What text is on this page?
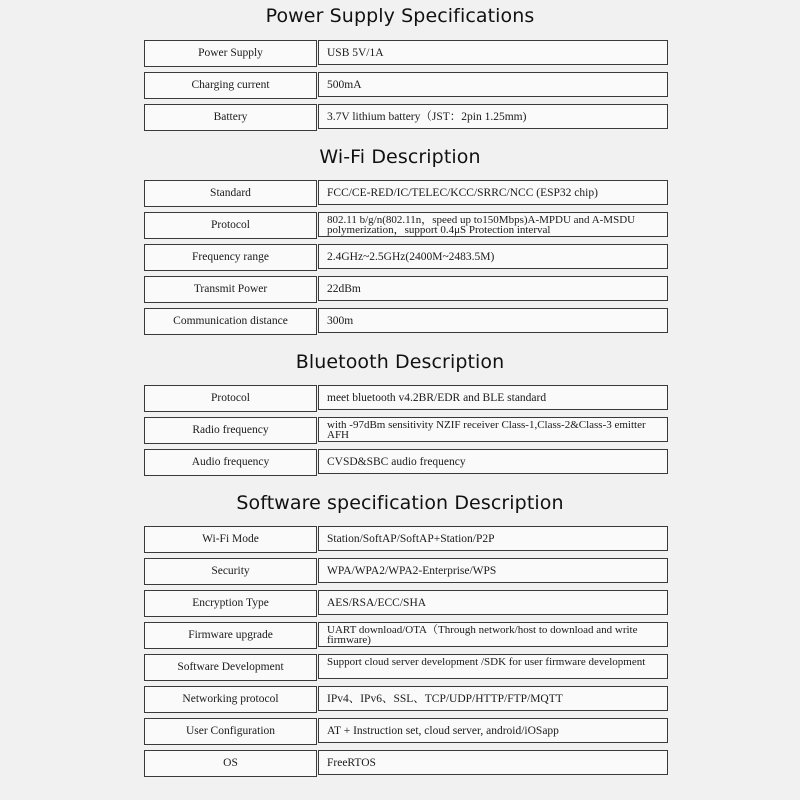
Power Supply Specifications
Power Supply	USB 5V/1A
Charging current	500mA
Battery	3.7V lithium battery（JST：2pin 1.25mm)
Wi-Fi Description
Standard	FCC/CE-RED/IC/TELEC/KCC/SRRC/NCC (ESP32 chip)
Protocol	802.11 b/g/n(802.11n，speed up to150Mbps)A-MPDU and A-MSDU polymerization，support 0.4μS Protection interval
Frequency range	2.4GHz~2.5GHz(2400M~2483.5M)
Transmit Power	22dBm
Communication distance	300m
Bluetooth Description
Protocol	meet bluetooth v4.2BR/EDR and BLE standard
Radio frequency	with -97dBm sensitivity NZIF receiver Class-1,Class-2&Class-3 emitter AFH
Audio frequency	CVSD&SBC audio frequency
Software specification Description
Wi-Fi Mode	Station/SoftAP/SoftAP+Station/P2P
Security	WPA/WPA2/WPA2-Enterprise/WPS
Encryption Type	AES/RSA/ECC/SHA
Firmware upgrade	UART download/OTA（Through network/host to download and write firmware)
Software Development	Support cloud server development /SDK for user firmware development
Networking protocol	IPv4、IPv6、SSL、TCP/UDP/HTTP/FTP/MQTT
User Configuration	AT + Instruction set, cloud server, android/iOSapp
OS	FreeRTOS
